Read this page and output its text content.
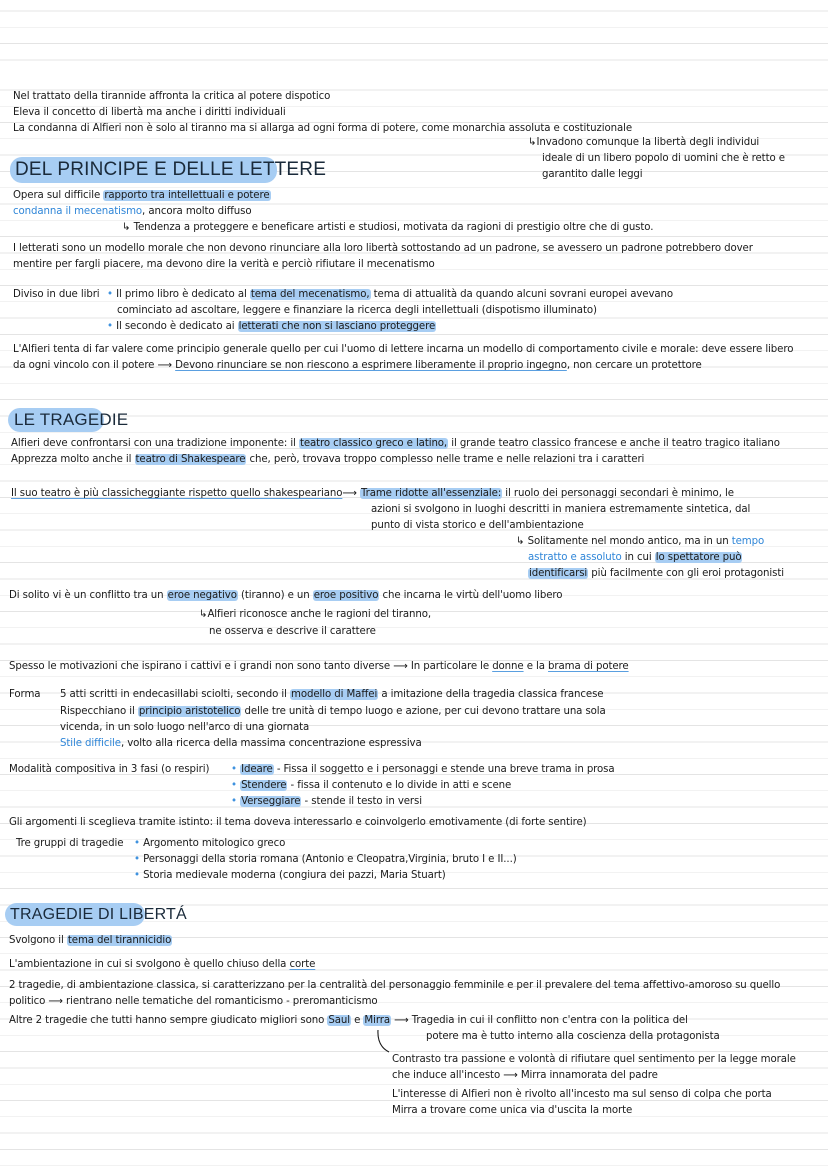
Nel trattato della tirannide affronta la critica al potere dispotico
Eleva il concetto di libertà ma anche i diritti individuali
La condanna di Alfieri non è solo al tiranno ma si allarga ad ogni forma di potere, come monarchia assoluta e costituzionale
↳Invadono comunque la libertà degli individui
ideale di un libero popolo di uomini che è retto e
garantito dalle leggi
DEL PRINCIPE E DELLE LETTERE
Opera sul difficile rapporto tra intellettuali e potere
condanna il mecenatismo, ancora molto diffuso
↳ Tendenza a proteggere e beneficare artisti e studiosi, motivata da ragioni di prestigio oltre che di gusto.
I letterati sono un modello morale che non devono rinunciare alla loro libertà sottostando ad un padrone, se avessero un padrone potrebbero dover
mentire per fargli piacere, ma devono dire la verità e perciò rifiutare il mecenatismo
Diviso in due libri • Il primo libro è dedicato al tema del mecenatismo, tema di attualità da quando alcuni sovrani europei avevano
cominciato ad ascoltare, leggere e finanziare la ricerca degli intellettuali (dispotismo illuminato)
• Il secondo è dedicato ai letterati che non si lasciano proteggere
L'Alfieri tenta di far valere come principio generale quello per cui l'uomo di lettere incarna un modello di comportamento civile e morale: deve essere libero
da ogni vincolo con il potere ⟶ Devono rinunciare se non riescono a esprimere liberamente il proprio ingegno, non cercare un protettore
LE TRAGEDIE
Alfieri deve confrontarsi con una tradizione imponente: il teatro classico greco e latino, il grande teatro classico francese e anche il teatro tragico italiano
Apprezza molto anche il teatro di Shakespeare che, però, trovava troppo complesso nelle trame e nelle relazioni tra i caratteri
Il suo teatro è più classicheggiante rispetto quello shakespeariano⟶ Trame ridotte all'essenziale: il ruolo dei personaggi secondari è minimo, le
azioni si svolgono in luoghi descritti in maniera estremamente sintetica, dal
punto di vista storico e dell'ambientazione
↳ Solitamente nel mondo antico, ma in un tempo
astratto e assoluto in cui lo spettatore può
identificarsi più facilmente con gli eroi protagonisti
Di solito vi è un conflitto tra un eroe negativo (tiranno) e un eroe positivo che incarna le virtù dell'uomo libero
↳Alfieri riconosce anche le ragioni del tiranno,
ne osserva e descrive il carattere
Spesso le motivazioni che ispirano i cattivi e i grandi non sono tanto diverse ⟶ In particolare le donne e la brama di potere
Forma 5 atti scritti in endecasillabi sciolti, secondo il modello di Maffei a imitazione della tragedia classica francese
Rispecchiano il principio aristotelico delle tre unità di tempo luogo e azione, per cui devono trattare una sola
vicenda, in un solo luogo nell'arco di una giornata
Stile difficile, volto alla ricerca della massima concentrazione espressiva
Modalità compositiva in 3 fasi (o respiri) • Ideare - Fissa il soggetto e i personaggi e stende una breve trama in prosa
• Stendere - fissa il contenuto e lo divide in atti e scene
• Verseggiare - stende il testo in versi
Gli argomenti li sceglieva tramite istinto: il tema doveva interessarlo e coinvolgerlo emotivamente (di forte sentire)
Tre gruppi di tragedie • Argomento mitologico greco
• Personaggi della storia romana (Antonio e Cleopatra,Virginia, bruto I e II...)
• Storia medievale moderna (congiura dei pazzi, Maria Stuart)
TRAGEDIE DI LIBERTÁ
Svolgono il tema del tirannicidio
L'ambientazione in cui si svolgono è quello chiuso della corte
2 tragedie, di ambientazione classica, si caratterizzano per la centralità del personaggio femminile e per il prevalere del tema affettivo-amoroso su quello
politico ⟶ rientrano nelle tematiche del romanticismo - preromanticismo
Altre 2 tragedie che tutti hanno sempre giudicato migliori sono Saul e Mirra ⟶ Tragedia in cui il conflitto non c'entra con la politica del
potere ma è tutto interno alla coscienza della protagonista
Contrasto tra passione e volontà di rifiutare quel sentimento per la legge morale
che induce all'incesto ⟶ Mirra innamorata del padre
L'interesse di Alfieri non è rivolto all'incesto ma sul senso di colpa che porta
Mirra a trovare come unica via d'uscita la morte
